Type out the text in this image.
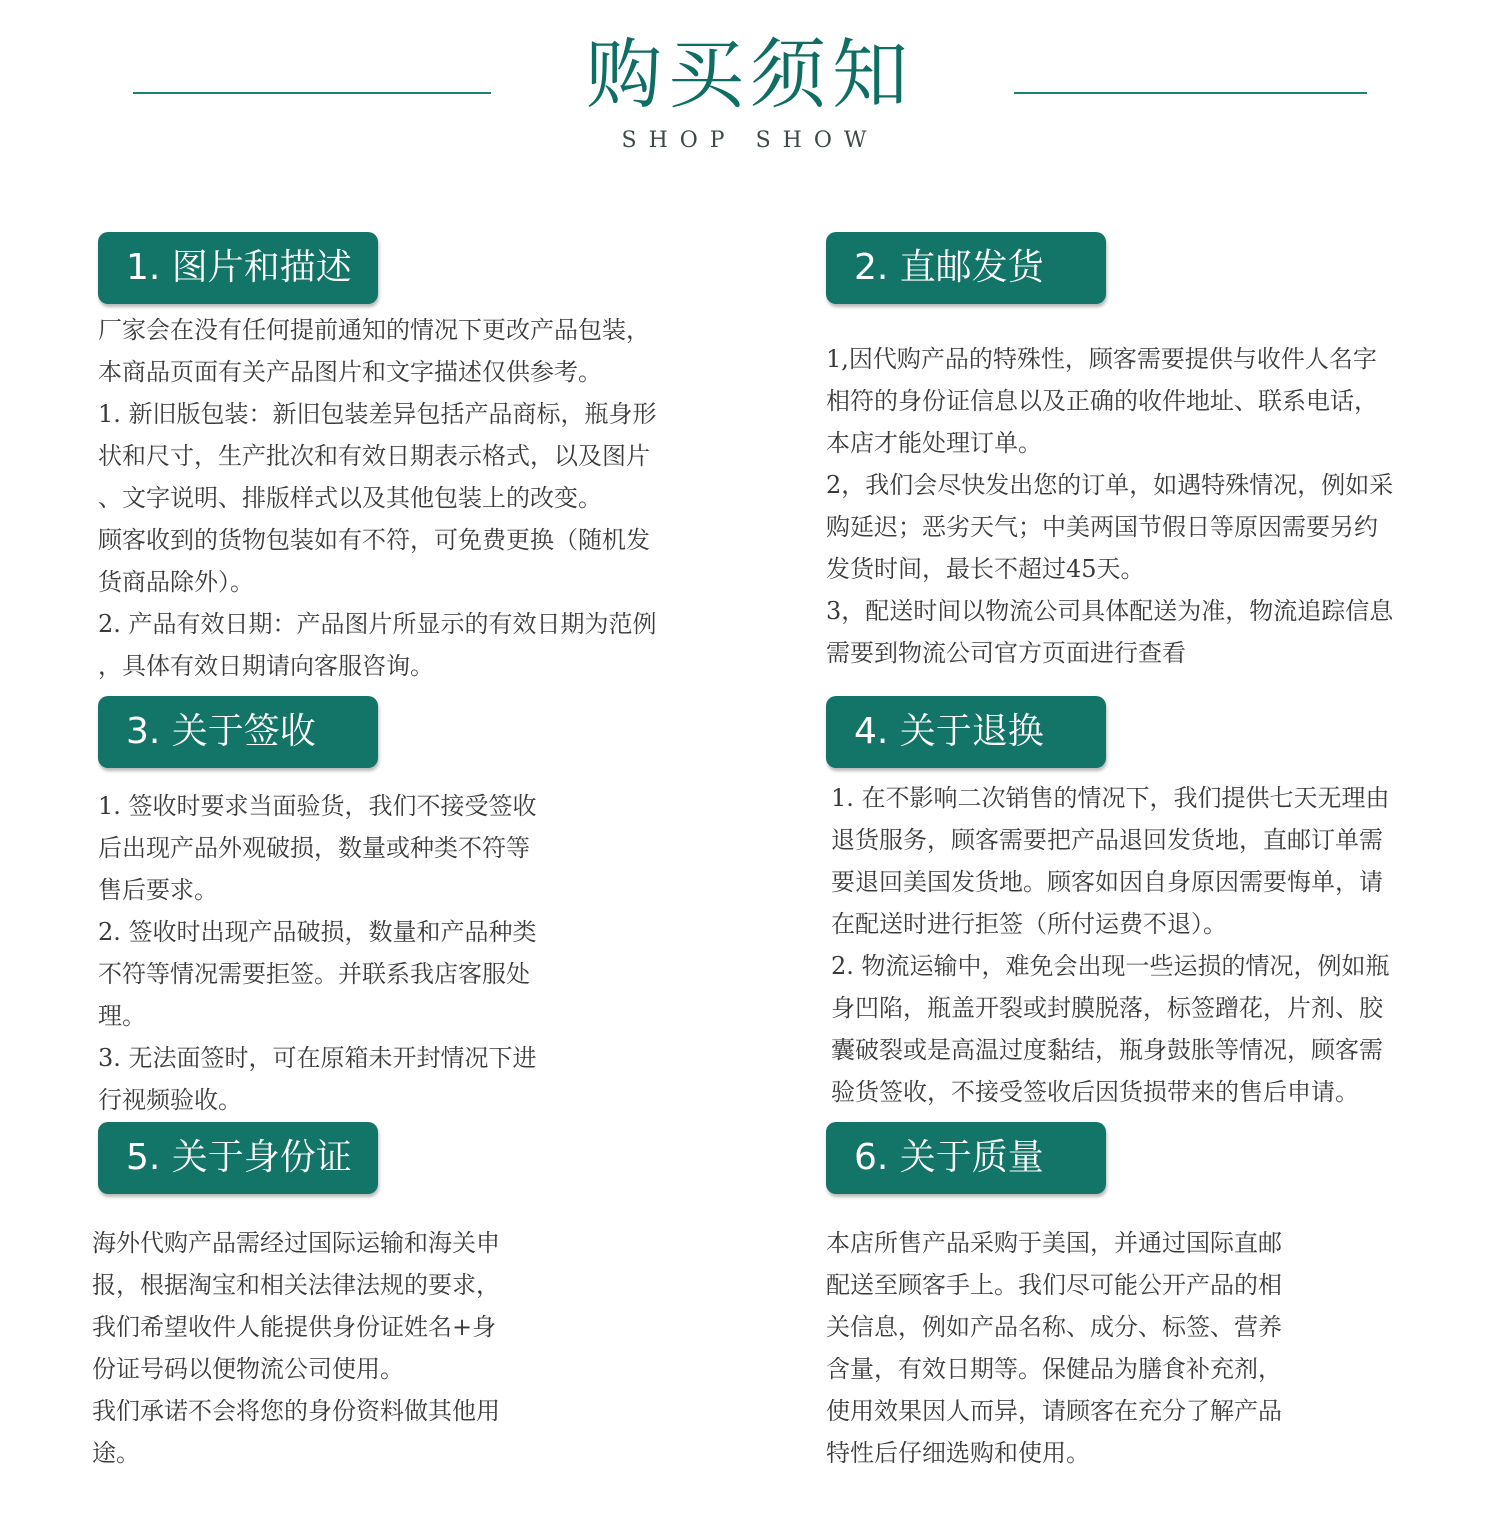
购买须知
SHOP SHOW
1. 图片和描述

厂家会在没有任何提前通知的情况下更改产品包装，

本商品页面有关产品图片和文字描述仅供参考。

1. 新旧版包装：新旧包装差异包括产品商标，瓶身形

状和尺寸，生产批次和有效日期表示格式，以及图片

、文字说明、排版样式以及其他包装上的改变。

顾客收到的货物包装如有不符，可免费更换（随机发

货商品除外）。

2. 产品有效日期：产品图片所显示的有效日期为范例

，具体有效日期请向客服咨询。

2. 直邮发货

1,因代购产品的特殊性，顾客需要提供与收件人名字

相符的身份证信息以及正确的收件地址、联系电话，

本店才能处理订单。

2，我们会尽快发出您的订单，如遇特殊情况，例如采

购延迟；恶劣天气；中美两国节假日等原因需要另约

发货时间，最长不超过45天。

3，配送时间以物流公司具体配送为准，物流追踪信息

需要到物流公司官方页面进行查看

3. 关于签收

1. 签收时要求当面验货，我们不接受签收

后出现产品外观破损，数量或种类不符等

售后要求。

2. 签收时出现产品破损，数量和产品种类

不符等情况需要拒签。并联系我店客服处

理。

3. 无法面签时，可在原箱未开封情况下进

行视频验收。

4. 关于退换

1. 在不影响二次销售的情况下，我们提供七天无理由

退货服务，顾客需要把产品退回发货地，直邮订单需

要退回美国发货地。顾客如因自身原因需要悔单，请

在配送时进行拒签（所付运费不退）。

2. 物流运输中，难免会出现一些运损的情况，例如瓶

身凹陷，瓶盖开裂或封膜脱落，标签蹭花，片剂、胶

囊破裂或是高温过度黏结，瓶身鼓胀等情况，顾客需

验货签收，不接受签收后因货损带来的售后申请。

5. 关于身份证

海外代购产品需经过国际运输和海关申

报，根据淘宝和相关法律法规的要求，

我们希望收件人能提供身份证姓名+身

份证号码以便物流公司使用。

我们承诺不会将您的身份资料做其他用

途。

6. 关于质量

本店所售产品采购于美国，并通过国际直邮

配送至顾客手上。我们尽可能公开产品的相

关信息，例如产品名称、成分、标签、营养

含量，有效日期等。保健品为膳食补充剂，

使用效果因人而异，请顾客在充分了解产品

特性后仔细选购和使用。
